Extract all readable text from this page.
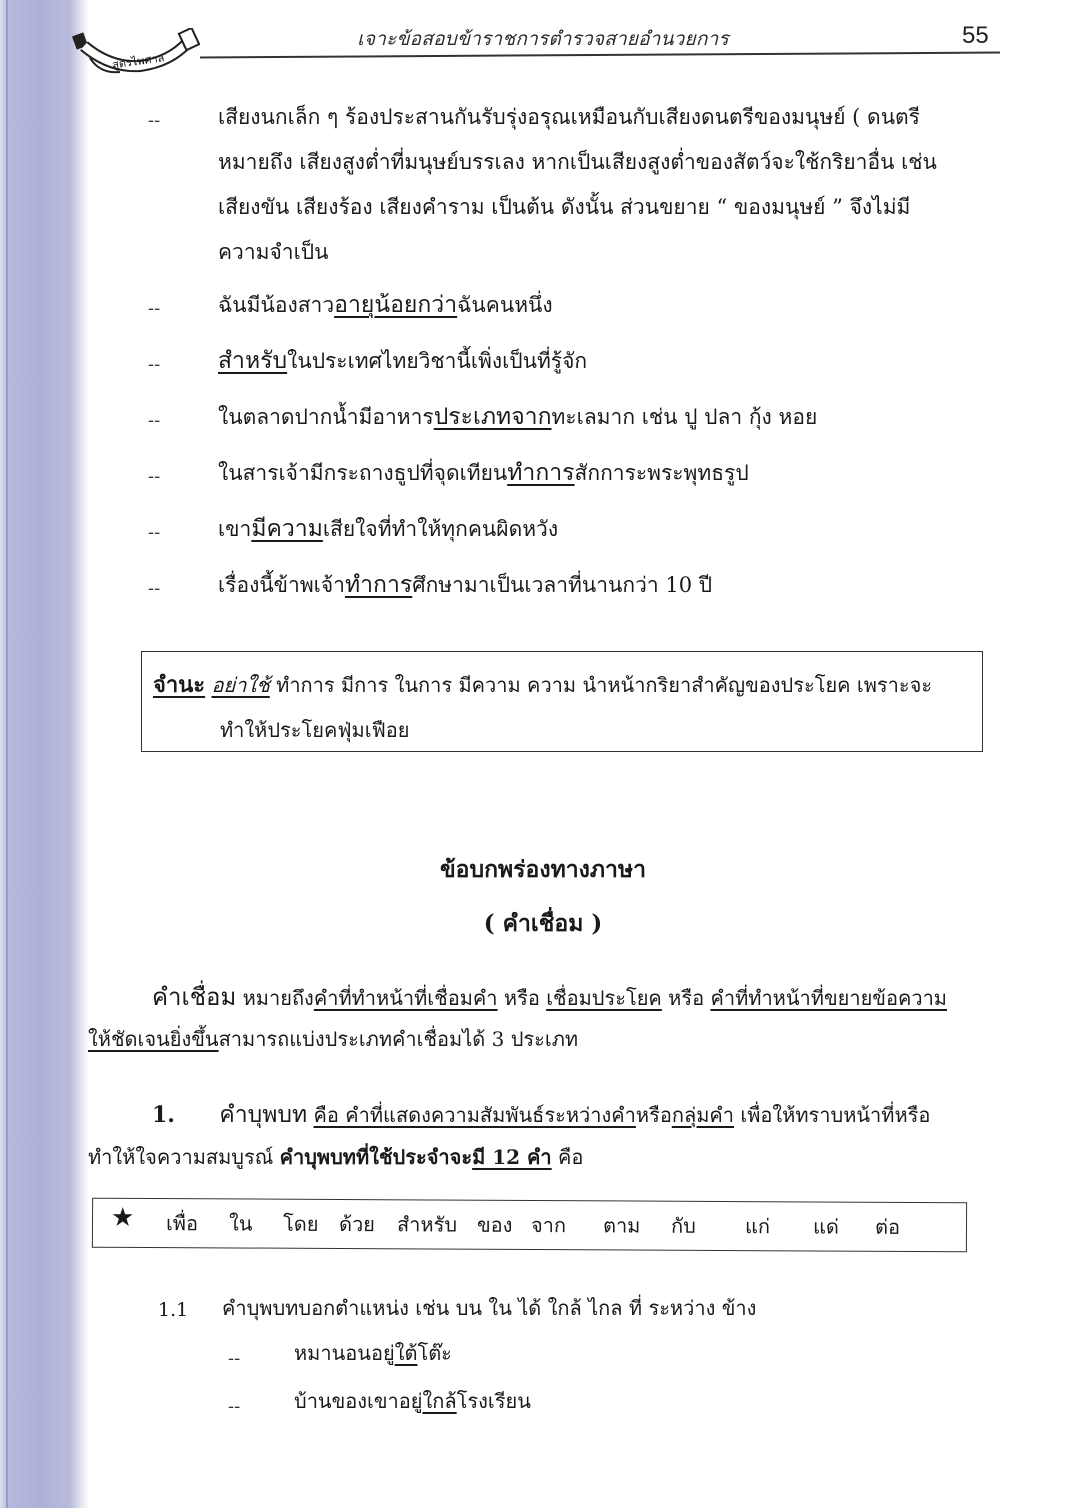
สูตรไพศาล
เจาะข้อสอบข้าราชการตำรวจสายอำนวยการ	55
--	เสียงนกเล็ก ๆ ร้องประสานกันรับรุ่งอรุณเหมือนกับเสียงดนตรีของมนุษย์ ( ดนตรี
หมายถึง เสียงสูงต่ำที่มนุษย์บรรเลง หากเป็นเสียงสูงต่ำของสัตว์จะใช้กริยาอื่น เช่น
เสียงขัน เสียงร้อง เสียงคำราม เป็นต้น ดังนั้น ส่วนขยาย “ ของมนุษย์ ” จึงไม่มี
ความจำเป็น
--	ฉันมีน้องสาวอายุน้อยกว่าฉันคนหนึ่ง
--	สำหรับในประเทศไทยวิชานี้เพิ่งเป็นที่รู้จัก
--	ในตลาดปากน้ำมีอาหารประเภทจากทะเลมาก เช่น ปู ปลา กุ้ง หอย
--	ในสารเจ้ามีกระถางธูปที่จุดเทียนทำการสักการะพระพุทธรูป
--	เขามีความเสียใจที่ทำให้ทุกคนผิดหวัง
--	เรื่องนี้ข้าพเจ้าทำการศึกษามาเป็นเวลาที่นานกว่า 10 ปี
จำนะ อย่าใช้ ทำการ มีการ ในการ มีความ ความ นำหน้ากริยาสำคัญของประโยค เพราะจะ
ทำให้ประโยคฟุ่มเฟือย
ข้อบกพร่องทางภาษา
( คำเชื่อม )
คำเชื่อม หมายถึงคำที่ทำหน้าที่เชื่อมคำ หรือ เชื่อมประโยค หรือ คำที่ทำหน้าที่ขยายข้อความ
ให้ชัดเจนยิ่งขึ้นสามารถแบ่งประเภทคำเชื่อมได้ 3 ประเภท
1. คำบุพบท คือ คำที่แสดงความสัมพันธ์ระหว่างคำหรือกลุ่มคำ เพื่อให้ทราบหน้าที่หรือ
ทำให้ใจความสมบูรณ์ คำบุพบทที่ใช้ประจำจะมี 12 คำ คือ
★ เพื่อ ใน โดย ด้วย สำหรับ ของ จาก ตาม กับ แก่ แด่ ต่อ
1.1 คำบุพบทบอกตำแหน่ง เช่น บน ใน ได้ ใกล้ ไกล ที่ ระหว่าง ข้าง
--	หมานอนอยู่ใต้โต๊ะ
--	บ้านของเขาอยู่ใกล้โรงเรียน
